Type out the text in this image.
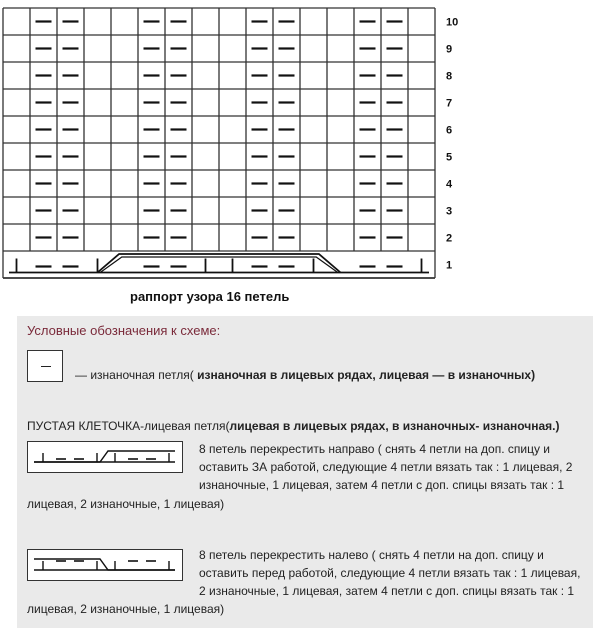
10
9
8
7
6
5
4
3
2
1
раппорт узора 16 петель
Условные обозначения к схеме:
— изнаночная петля( изнаночная в лицевых рядах, лицевая — в изнаночных)
ПУСТАЯ КЛЕТОЧКА-лицевая петля(лицевая в лицевых рядах, в изнаночных- изнаночная.)
8 петель перекрестить направо ( снять 4 петли на доп. спицу и
оставить ЗА работой, следующие 4 петли вязать так : 1 лицевая, 2
изнаночные, 1 лицевая, затем 4 петли с доп. спицы вязать так : 1
лицевая, 2 изнаночные, 1 лицевая)
8 петель перекрестить налево ( снять 4 петли на доп. спицу и
оставить перед работой, следующие 4 петли вязать так : 1 лицевая,
2 изнаночные, 1 лицевая, затем 4 петли с доп. спицы вязать так : 1
лицевая, 2 изнаночные, 1 лицевая)
